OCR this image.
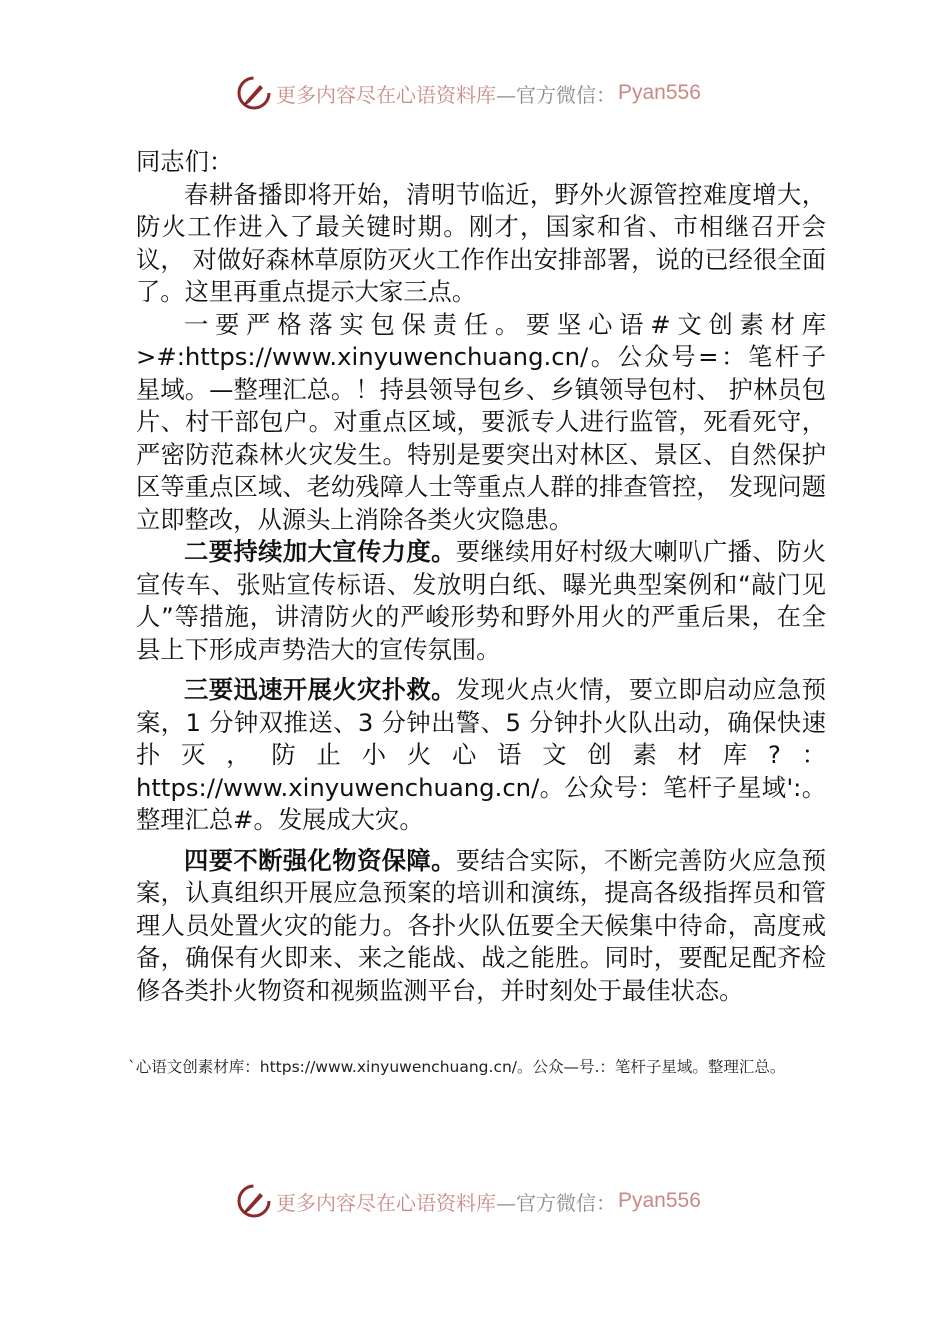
更多内容尽在心语资料库 —官方微信： Pyan556

同志们：

春耕备播即将开始，清明节临近，野外火源管控难度增大，防火工作进入了最关键时期。刚才，国家和省、市相继召开会议， 对做好森林草原防灭火工作作出安排部署，说的已经很全面了。这里再重点提示大家三点。

一要严格落实包保责任。要坚心语#文创素材库>#:https://www.xinyuwenchuang.cn/。公众号=：笔杆子星域。—整理汇总。！持县领导包乡、乡镇领导包村、 护林员包片、村干部包户。对重点区域，要派专人进行监管，死看死守，严密防范森林火灾发生。特别是要突出对林区、景区、自然保护区等重点区域、老幼残障人士等重点人群的排查管控， 发现问题立即整改，从源头上消除各类火灾隐患。

二要持续加大宣传力度。要继续用好村级大喇叭广播、防火宣传车、张贴宣传标语、发放明白纸、曝光典型案例和“敲门见人”等措施，讲清防火的严峻形势和野外用火的严重后果，在全 县上下形成声势浩大的宣传氛围。

三要迅速开展火灾扑救。发现火点火情，要立即启动应急预案，1 分钟双推送、3 分钟出警、5 分钟扑火队出动，确保快速扑灭，防止小火心语文创素材库?：https://www.xinyuwenchuang.cn/。公众号：笔杆子星域':。整理汇总#。发展成大灾。

四要不断强化物资保障。要结合实际，不断完善防火应急预案，认真组织开展应急预案的培训和演练，提高各级指挥员和管理人员处置火灾的能力。各扑火队伍要全天候集中待命，高度戒备，确保有火即来、来之能战、战之能胜。同时，要配足配齐检修各类扑火物资和视频监测平台，并时刻处于最佳状态。

`心语文创素材库：https://www.xinyuwenchuang.cn/。公众—号.：笔杆子星域。整理汇总。
更多内容尽在心语资料库 —官方微信： Pyan556
